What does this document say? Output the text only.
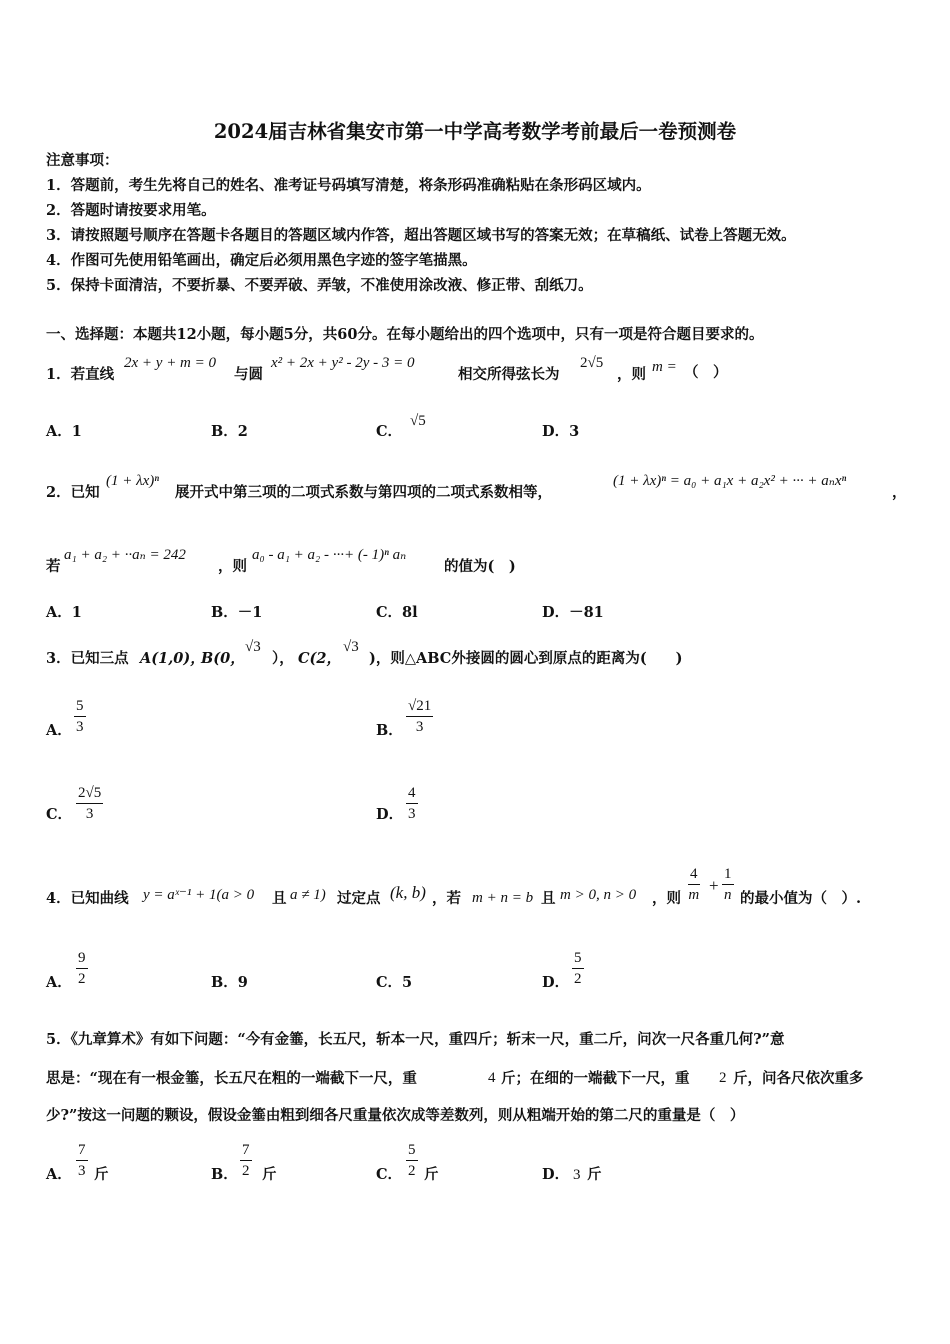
2024届吉林省集安市第一中学高考数学考前最后一卷预测卷
注意事项：
1．答题前，考生先将自己的姓名、准考证号码填写清楚，将条形码准确粘贴在条形码区域内。
2．答题时请按要求用笔。
3．请按照题号顺序在答题卡各题目的答题区域内作答，超出答题区域书写的答案无效；在草稿纸、试卷上答题无效。
4．作图可先使用铅笔画出，确定后必须用黑色字迹的签字笔描黑。
5．保持卡面清洁，不要折暴、不要弄破、弄皱，不准使用涂改液、修正带、刮纸刀。
一、选择题：本题共12小题，每小题5分，共60分。在每小题给出的四个选项中，只有一项是符合题目要求的。
1．若直线
2x + y + m = 0
与圆
x² + 2x + y² - 2y - 3 = 0
相交所得弦长为
2√5
，则 m = （　）
A．1	B．2	C．
√5
D．3
2．已知
(1 + λx)ⁿ
展开式中第三项的二项式系数与第四项的二项式系数相等，
(1 + λx)ⁿ = a₀ + a₁x + a₂x² + ··· + aₙxⁿ
，
若
a₁ + a₂ + ··aₙ = 242
，则
a₀ - a₁ + a₂ - ···+ (- 1)ⁿ aₙ
的值为(　)
A．1	B．－1	C．8l	D．－81
3．已知三点 A(1,0)，
B(0，
√3
）， C(2，
√3
)，则△ABC外接圆的圆心到原点的距离为(　　)
A． $\frac{5}{3}$	B． $\frac{√21}{3}$
C． $\frac{2√5}{3}$	D． $\frac{4}{3}$
4．已知曲线 y = aˣ⁻¹ + 1(a > 0 且 a ≠ 1) 过定点 (k, b) ，若 m + n = b 且 m > 0, n > 0 ，则 $\frac{4}{m} + \frac{1}{n}$ 的最小值为（　）.
A． $\frac{9}{2}$	B．9	C．5	D． $\frac{5}{2}$
5．《九章算术》有如下问题：“今有金箠，长五尺，斩本一尺，重四斤；斩末一尺，重二斤，问次一尺各重几何?”意
思是：“现在有一根金箠，长五尺在粗的一端截下一尺，重	4 斤；在细的一端截下一尺，重 2 斤，问各尺依次重多
少?”按这一问题的颗设，假设金箠由粗到细各尺重量依次成等差数列，则从粗端开始的第二尺的重量是（　）
A． $\frac{7}{3}$ 斤	B． $\frac{7}{2}$ 斤	C． $\frac{5}{2}$ 斤	D． 3 斤
